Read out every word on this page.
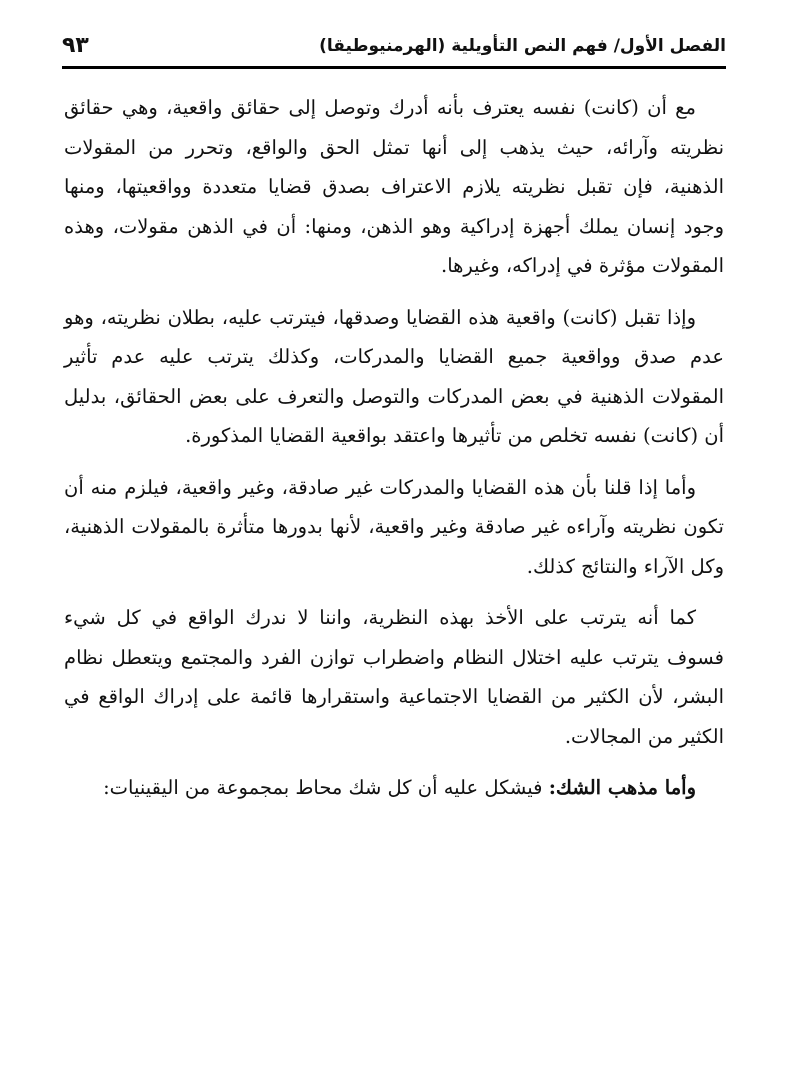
الفصل الأول/ فهم النص التأويلية (الهرمنيوطيقا)
٩٣

مع أن (كانت) نفسه يعترف بأنه أدرك وتوصل إلى حقائق واقعية، وهي حقائق نظريته وآرائه، حيث يذهب إلى أنها تمثل الحق والواقع، وتحرر من المقولات الذهنية، فإن تقبل نظريته يلازم الاعتراف بصدق قضايا متعددة وواقعيتها، ومنها وجود إنسان يملك أجهزة إدراكية وهو الذهن، ومنها: أن في الذهن مقولات، وهذه المقولات مؤثرة في إدراكه، وغيرها.

وإذا تقبل (كانت) واقعية هذه القضايا وصدقها، فيترتب عليه، بطلان نظريته، وهو عدم صدق وواقعية جميع القضايا والمدركات، وكذلك يترتب عليه عدم تأثير المقولات الذهنية في بعض المدركات والتوصل والتعرف على بعض الحقائق، بدليل أن (كانت) نفسه تخلص من تأثيرها واعتقد بواقعية القضايا المذكورة.

وأما إذا قلنا بأن هذه القضايا والمدركات غير صادقة، وغير واقعية، فيلزم منه أن تكون نظريته وآراءه غير صادقة وغير واقعية، لأنها بدورها متأثرة بالمقولات الذهنية، وكل الآراء والنتائج كذلك.

كما أنه يترتب على الأخذ بهذه النظرية، واننا لا ندرك الواقع في كل شيء فسوف يترتب عليه اختلال النظام واضطراب توازن الفرد والمجتمع ويتعطل نظام البشر، لأن الكثير من القضايا الاجتماعية واستقرارها قائمة على إدراك الواقع في الكثير من المجالات.

وأما مذهب الشك: فيشكل عليه أن كل شك محاط بمجموعة من اليقينيات:
